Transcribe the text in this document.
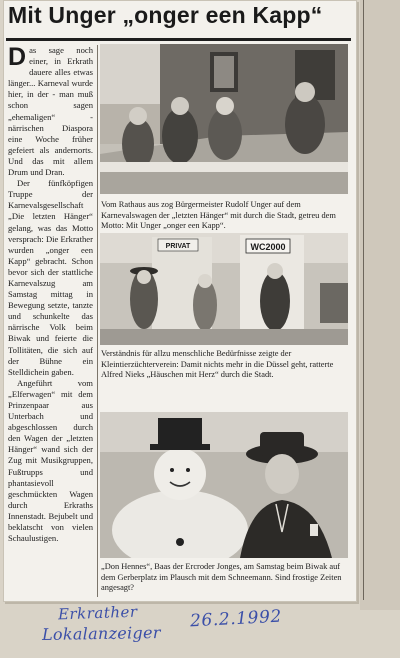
Mit Unger „onger een Kapp“

Das sage noch einer, in Erkrath dauere alles etwas länger... Karneval wurde hier, in der - man muß schon sagen „ehemaligen“ - närrischen Diaspora eine Woche früher gefeiert als andernorts. Und das mit allem Drum und Dran.

Der fünfköpfigen Truppe der Karnevalsgesellschaft „Die letzten Hänger“ gelang, was das Motto versprach: Die Erkrather wurden „onger een Kapp“ gebracht. Schon bevor sich der stattliche Karnevalszug am Samstag mittag in Bewegung setzte, tanzte und schunkelte das närrische Volk beim Biwak und feierte die Tollitäten, die sich auf der Bühne ein Stelldichein gaben.

Angeführt vom „Elferwagen“ mit dem Prinzenpaar aus Unterbach und abgeschlossen durch den Wagen der „letzten Hänger“ wand sich der Zug mit Musikgruppen, Fußtrupps und phantasievoll geschmückten Wagen durch Erkraths Innenstadt. Bejubelt und beklatscht von vielen Schaulustigen.

Vom Rathaus aus zog Bürgermeister Rudolf Unger auf dem Karnevalswagen der „letzten Hänger“ mit durch die Stadt, getreu dem Motto: Mit Unger „onger een Kapp“.
WC2000
PRIVAT
Verständnis für allzu menschliche Bedürfnisse zeigte der Kleintierzüchterverein: Damit nichts mehr in die Düssel geht, ratterte Alfred Nieks „Häuschen mit Herz“ durch die Stadt.
„Don Hennes“, Baas der Ercroder Jonges, am Samstag beim Biwak auf dem Gerberplatz im Plausch mit dem Schneemann. Sind frostige Zeiten angesagt?
Erkrather
Lokalanzeiger
26.2.1992
